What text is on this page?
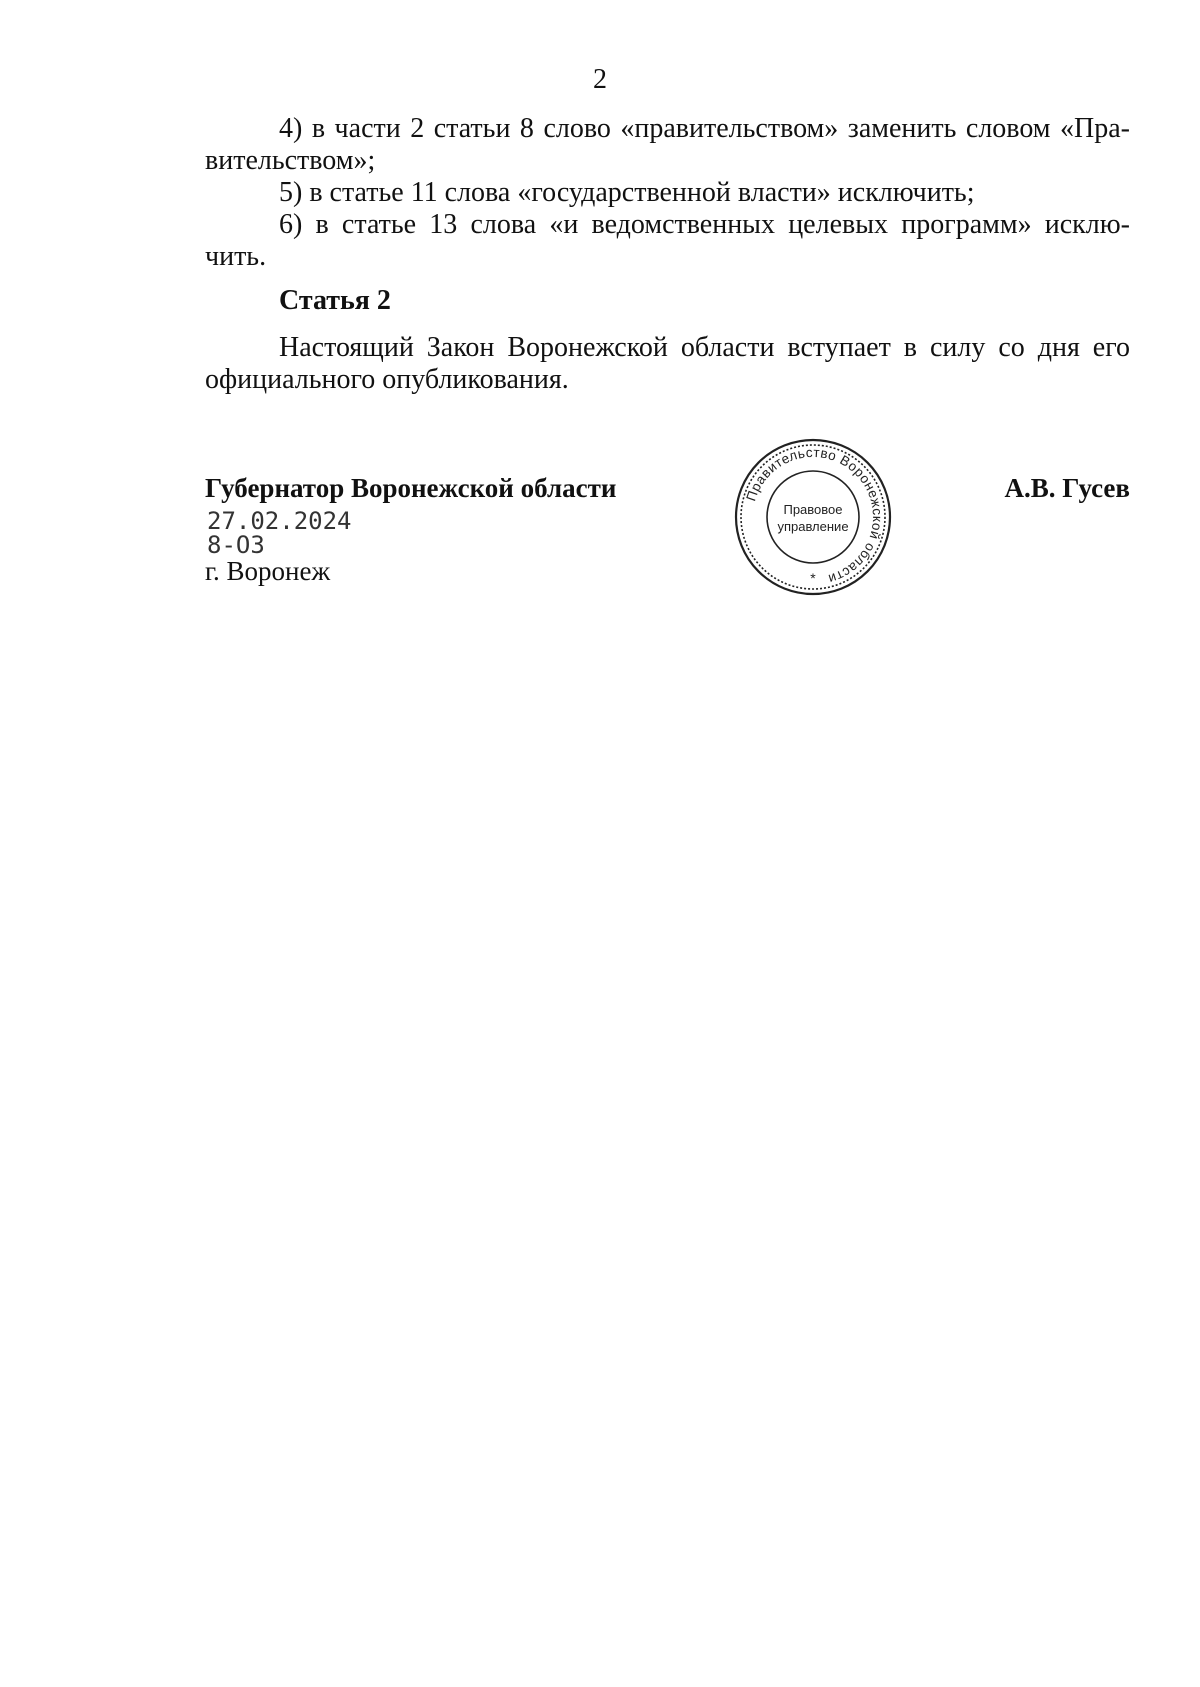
2

4) в части 2 статьи 8 слово «правительством» заменить словом «Пра-

вительством»;

5) в статье 11 слова «государственной власти» исключить;

6) в статье 13 слова «и ведомственных целевых программ» исклю-

чить.

Статья 2

Настоящий Закон Воронежской области вступает в силу со дня его официального опубликования.

Губернатор Воронежской области	А.В. Гусев
27.02.2024
8-ОЗ
г. Воронеж
Правительство Воронежской области
Правовое
управление
*
